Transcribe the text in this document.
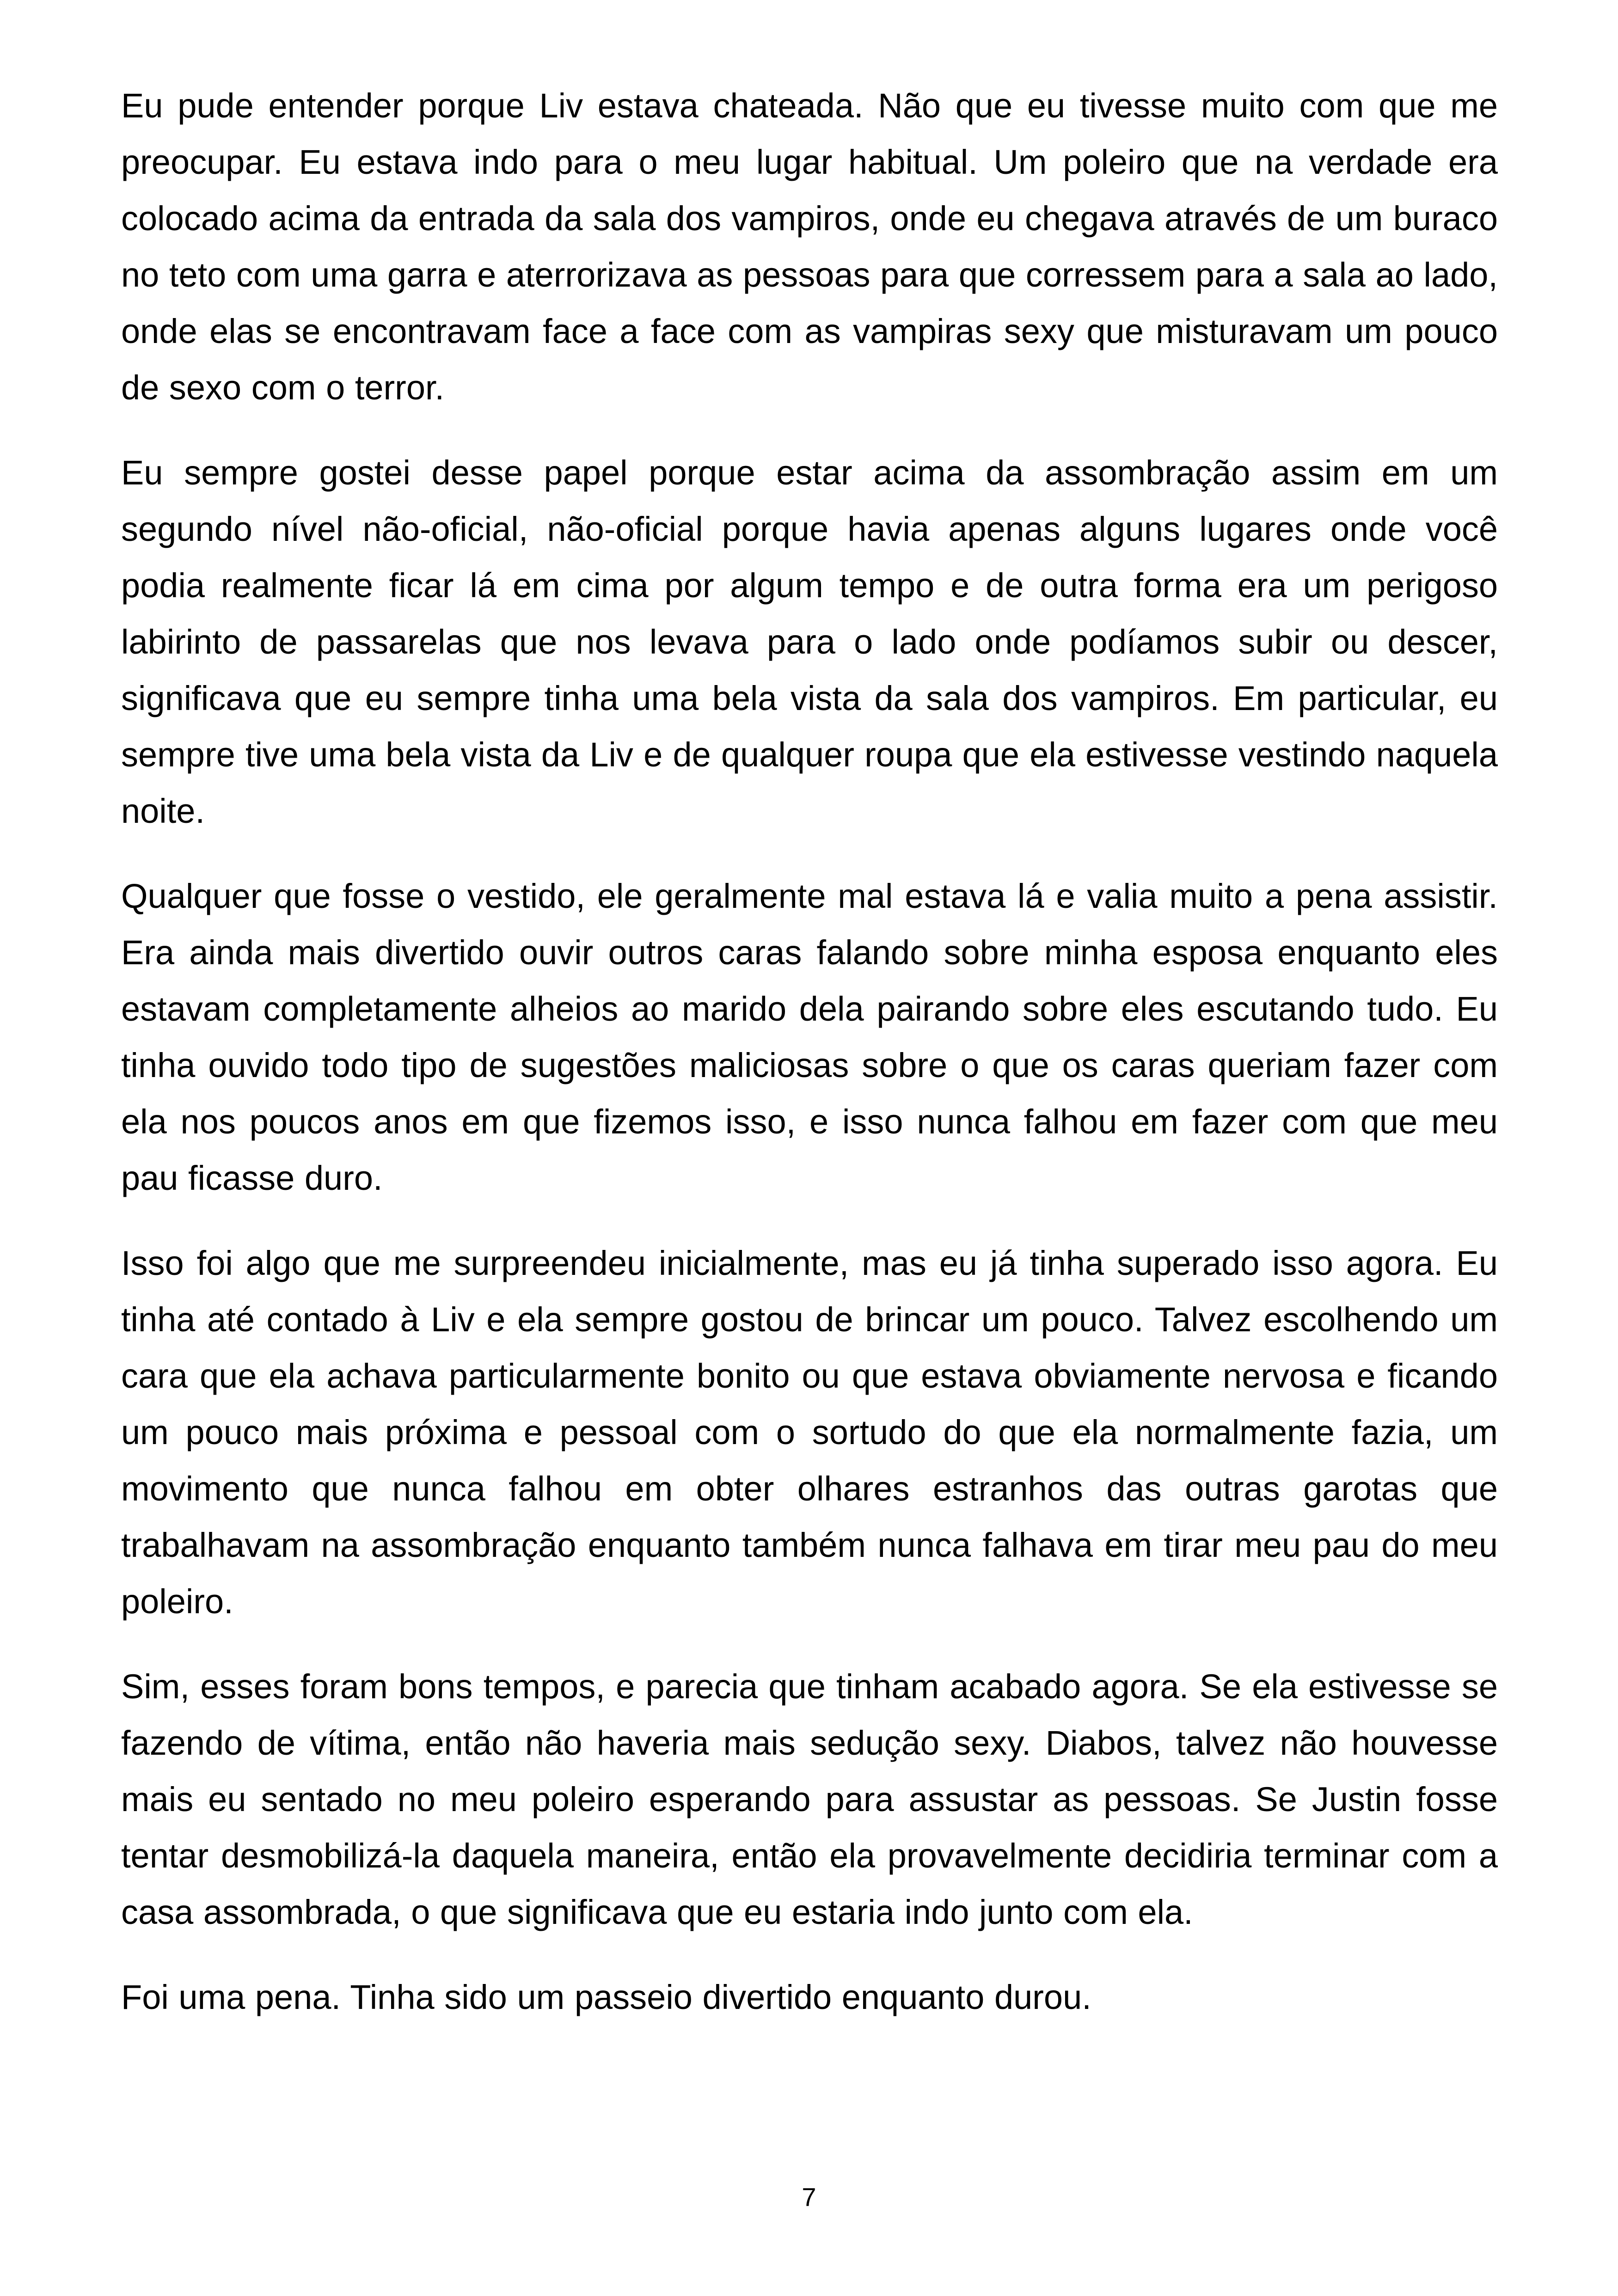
Eu pude entender porque Liv estava chateada. Não que eu tivesse muito com que me preocupar. Eu estava indo para o meu lugar habitual. Um poleiro que na verdade era colocado acima da entrada da sala dos vampiros, onde eu chegava através de um buraco no teto com uma garra e aterrorizava as pessoas para que corressem para a sala ao lado, onde elas se encontravam face a face com as vampiras sexy que misturavam um pouco de sexo com o terror.

Eu sempre gostei desse papel porque estar acima da assombração assim em um segundo nível não-oficial, não-oficial porque havia apenas alguns lugares onde você podia realmente ficar lá em cima por algum tempo e de outra forma era um perigoso labirinto de passarelas que nos levava para o lado onde podíamos subir ou descer, significava que eu sempre tinha uma bela vista da sala dos vampiros. Em particular, eu sempre tive uma bela vista da Liv e de qualquer roupa que ela estivesse vestindo naquela noite.

Qualquer que fosse o vestido, ele geralmente mal estava lá e valia muito a pena assistir. Era ainda mais divertido ouvir outros caras falando sobre minha esposa enquanto eles estavam completamente alheios ao marido dela pairando sobre eles escutando tudo. Eu tinha ouvido todo tipo de sugestões maliciosas sobre o que os caras queriam fazer com ela nos poucos anos em que fizemos isso, e isso nunca falhou em fazer com que meu pau ficasse duro.

Isso foi algo que me surpreendeu inicialmente, mas eu já tinha superado isso agora. Eu tinha até contado à Liv e ela sempre gostou de brincar um pouco. Talvez escolhendo um cara que ela achava particularmente bonito ou que estava obviamente nervosa e ficando um pouco mais próxima e pessoal com o sortudo do que ela normalmente fazia, um movimento que nunca falhou em obter olhares estranhos das outras garotas que trabalhavam na assombração enquanto também nunca falhava em tirar meu pau do meu poleiro.

Sim, esses foram bons tempos, e parecia que tinham acabado agora. Se ela estivesse se fazendo de vítima, então não haveria mais sedução sexy. Diabos, talvez não houvesse mais eu sentado no meu poleiro esperando para assustar as pessoas. Se Justin fosse tentar desmobilizá-la daquela maneira, então ela provavelmente decidiria terminar com a casa assombrada, o que significava que eu estaria indo junto com ela.

Foi uma pena. Tinha sido um passeio divertido enquanto durou.

7
